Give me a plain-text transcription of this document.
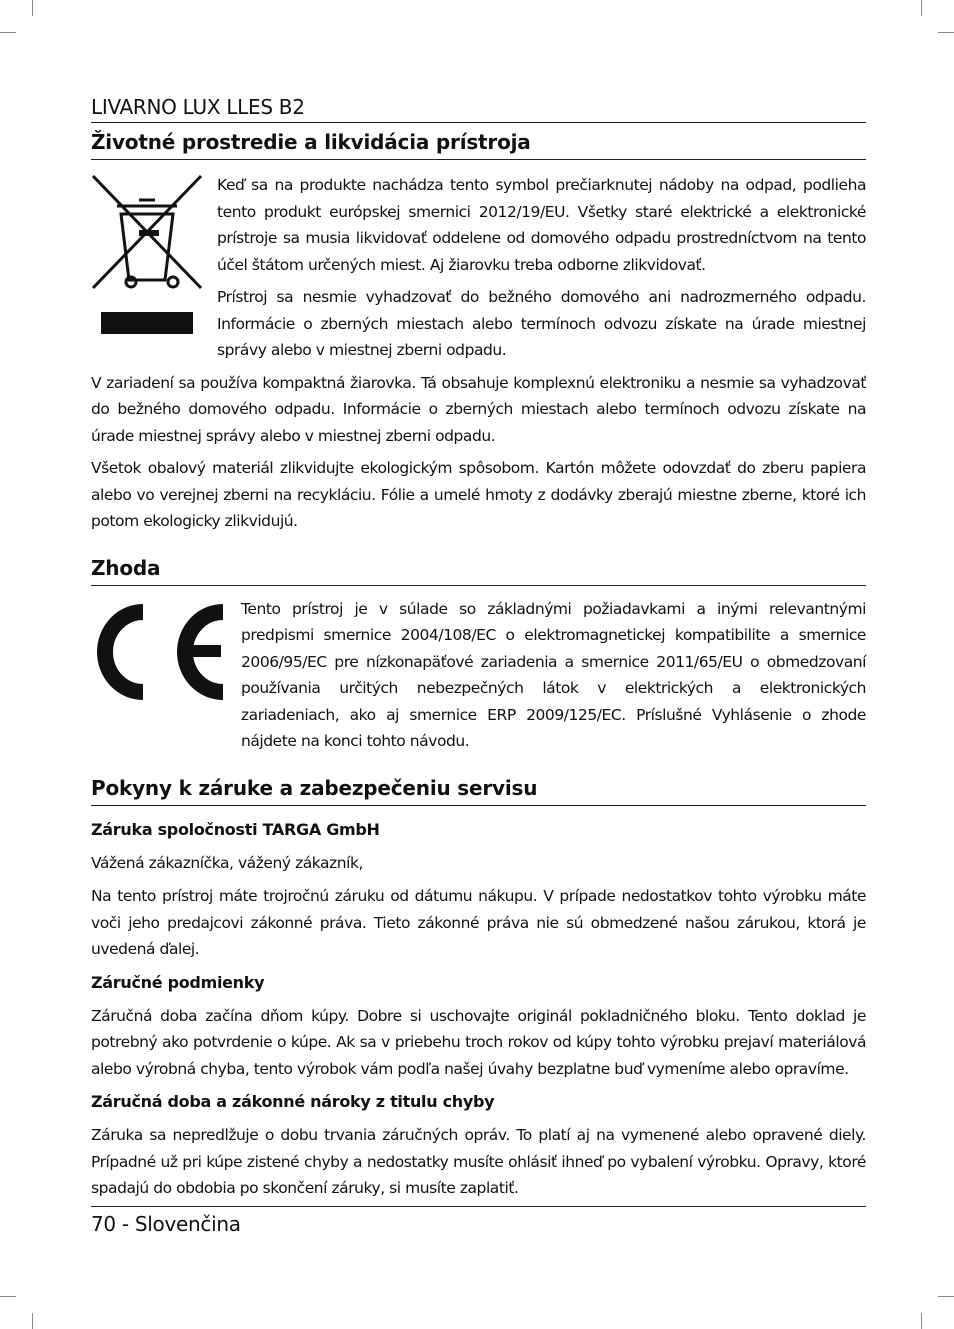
LIVARNO LUX LLES B2
Životné prostredie a likvidácia prístroja

Keď sa na produkte nachádza tento symbol prečiarknutej nádoby na odpad, podlieha tento produkt európskej smernici 2012/19/EU. Všetky staré elektrické a elektronické prístroje sa musia likvidovať oddelene od domového odpadu prostredníctvom na tento účel štátom určených miest. Aj žiarovku treba odborne zlikvidovať.

Prístroj sa nesmie vyhadzovať do bežného domového ani nadrozmerného odpadu. Informácie o zberných miestach alebo termínoch odvozu získate na úrade miestnej správy alebo v miestnej zberni odpadu.

V zariadení sa používa kompaktná žiarovka. Tá obsahuje komplexnú elektroniku a nesmie sa vyhadzovať do bežného domového odpadu. Informácie o zberných miestach alebo termínoch odvozu získate na úrade miestnej správy alebo v miestnej zberni odpadu.

Všetok obalový materiál zlikvidujte ekologickým spôsobom. Kartón môžete odovzdať do zberu papiera alebo vo verejnej zberni na recykláciu. Fólie a umelé hmoty z dodávky zberajú miestne zberne, ktoré ich potom ekologicky zlikvidujú.

Zhoda

Tento prístroj je v súlade so základnými požiadavkami a inými relevantnými predpismi smernice 2004/108/EC o elektromagnetickej kompatibilite a smernice 2006/95/EC pre nízkonapäťové zariadenia a smernice 2011/65/EU o obmedzovaní používania určitých nebezpečných látok v elektrických a elektronických zariadeniach, ako aj smernice ERP 2009/125/EC. Príslušné Vyhlásenie o zhode nájdete na konci tohto návodu.

Pokyny k záruke a zabezpečeniu servisu
Záruka spoločnosti TARGA GmbH

Vážená zákazníčka, vážený zákazník,

Na tento prístroj máte trojročnú záruku od dátumu nákupu. V prípade nedostatkov tohto výrobku máte voči jeho predajcovi zákonné práva. Tieto zákonné práva nie sú obmedzené našou zárukou, ktorá je uvedená ďalej.

Záručné podmienky

Záručná doba začína dňom kúpy. Dobre si uschovajte originál pokladničného bloku. Tento doklad je potrebný ako potvrdenie o kúpe. Ak sa v priebehu troch rokov od kúpy tohto výrobku prejaví materiálová alebo výrobná chyba, tento výrobok vám podľa našej úvahy bezplatne buď vymeníme alebo opravíme.

Záručná doba a zákonné nároky z titulu chyby

Záruka sa nepredlžuje o dobu trvania záručných opráv. To platí aj na vymenené alebo opravené diely. Prípadné už pri kúpe zistené chyby a nedostatky musíte ohlásiť ihneď po vybalení výrobku. Opravy, ktoré spadajú do obdobia po skončení záruky, si musíte zaplatiť.

70 - Slovenčina
